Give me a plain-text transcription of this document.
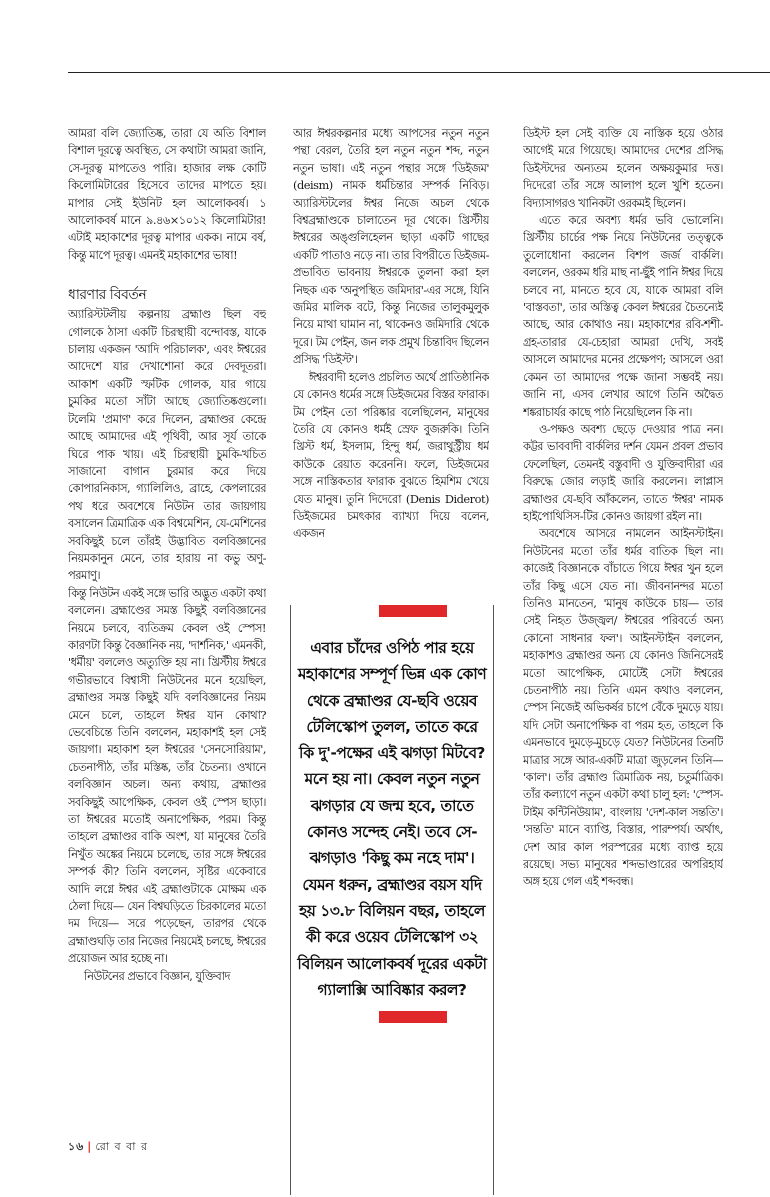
আমরা বলি জ্যোতিষ্ক, তারা যে অতি বিশাল বিশাল দূরত্বে অবস্থিত, সে কথাটা আমরা জানি, সে-দূরত্ব মাপতেও পারি। হাজার লক্ষ কোটি কিলোমিটারের হিসেবে তাদের মাপতে হয়। মাপার সেই ইউনিট হল আলোকবর্ষ। ১ আলোকবর্ষ মানে ৯.৪৬×১০১২ কিলোমিটার! এটাই মহাকাশের দূরত্ব মাপার একক। নামে বর্ষ, কিন্তু মাপে দূরত্ব। এমনই মহাকাশের ভাষা!

ধারণার বিবর্তন

অ্যারিস্টটলীয় কল্পনায় ব্রহ্মাণ্ড ছিল বহু গোলকে ঠাসা একটি চিরস্থায়ী বন্দোবস্ত, যাকে চালায় একজন 'আদি পরিচালক', এবং ঈশ্বরের আদেশে যার দেখাশোনা করে দেবদূতরা। আকাশ একটি স্ফটিক গোলক, যার গায়ে চুমকির মতো সাঁটা আছে জ্যোতিষ্কগুলো। টলেমি 'প্রমাণ' করে দিলেন, ব্রহ্মাণ্ডর কেন্দ্রে আছে আমাদের এই পৃথিবী, আর সূর্য তাকে ঘিরে পাক খায়। এই চিরস্থায়ী চুমকি-খচিত সাজানো বাগান চুরমার করে দিয়ে কোপারনিকাস, গ্যালিলিও, ব্রাহে, কেপলারের পথ ধরে অবশেষে নিউটন তার জায়গায় বসালেন ত্রিমাত্রিক এক বিশ্বমেশিন, যে-মেশিনের সবকিছুই চলে তাঁরই উদ্ভাবিত বলবিজ্ঞানের নিয়মকানুন মেনে, তার হারায় না কভু অণু-পরমাণু।

কিন্তু নিউটন একই সঙ্গে ভারি অদ্ভুত একটা কথা বললেন। ব্রহ্মাণ্ডের সমস্ত কিছুই বলবিজ্ঞানের নিয়মে চলবে, ব্যতিক্রম কেবল ওই স্পেস! কারণটা কিন্তু বৈজ্ঞানিক নয়, 'দার্শনিক,' এমনকী, 'ধর্মীয়' বললেও অত্যুক্তি হয় না। খ্রিস্টীয় ঈশ্বরে গভীরভাবে বিশ্বাসী নিউটনের মনে হয়েছিল, ব্রহ্মাণ্ডর সমস্ত কিছুই যদি বলবিজ্ঞানের নিয়ম মেনে চলে, তাহলে ঈশ্বর যান কোথা? ভেবেচিন্তে তিনি বললেন, মহাকাশই হল সেই জায়গা। মহাকাশ হল ঈশ্বরের 'সেনসোরিয়াম', চেতনাপীঠ, তাঁর মস্তিষ্ক, তাঁর চৈতন্য। ওখানে বলবিজ্ঞান অচল। অন্য কথায়, ব্রহ্মাণ্ডর সবকিছুই আপেক্ষিক, কেবল ওই স্পেস ছাড়া। তা ঈশ্বরের মতোই অনাপেক্ষিক, পরম। কিন্তু তাহলে ব্রহ্মাণ্ডর বাকি অংশ, যা মানুষের তৈরি নিখুঁত অঙ্কের নিয়মে চলেছে, তার সঙ্গে ঈশ্বরের সম্পর্ক কী? তিনি বললেন, সৃষ্টির একেবারে আদি লগ্নে ঈশ্বর এই ব্রহ্মাণ্ডটাকে মোক্ষম এক ঠেলা দিয়ে— যেন বিশ্বঘড়িতে চিরকালের মতো দম দিয়ে— সরে পড়েছেন, তারপর থেকে ব্রহ্মাণ্ডঘড়ি তার নিজের নিয়মেই চলছে, ঈশ্বরের প্রয়োজন আর হচ্ছে না।

নিউটনের প্রভাবে বিজ্ঞান, যুক্তিবাদ

আর ঈশ্বরকল্পনার মধ্যে আপসের নতুন নতুন পন্থা বেরল, তৈরি হল নতুন নতুন শব্দ, নতুন নতুন ভাষা। এই নতুন পন্থার সঙ্গে 'ডিইজম' (deism) নামক ধর্মচিন্তার সম্পর্ক নিবিড়। অ্যারিস্টটলের ঈশ্বর নিজে অচল থেকে বিশ্বব্রহ্মাণ্ডকে চালাতেন দূর থেকে। খ্রিস্টীয় ঈশ্বরের অঙ্গুলিহেলন ছাড়া একটি গাছের একটি পাতাও নড়ে না। তার বিপরীতে ডিইজম-প্রভাবিত ভাবনায় ঈশ্বরকে তুলনা করা হল নিছক এক 'অনুপস্থিত জমিদার'-এর সঙ্গে, যিনি জমির মালিক বটে, কিন্তু নিজের তালুকমুলুক নিয়ে মাথা ঘামান না, থাকেনও জমিদারি থেকে দূরে। টম পেইন, জন লক প্রমুখ চিন্তাবিদ ছিলেন প্রসিদ্ধ 'ডিইস্ট'।

ঈশ্বরবাদী হলেও প্রচলিত অর্থে প্রাতিষ্ঠানিক যে কোনও ধর্মের সঙ্গে ডিইজমের বিস্তর ফারাক। টম পেইন তো পরিষ্কার বলেছিলেন, মানুষের তৈরি যে কোনও ধর্মই স্রেফ বুজরুকি। তিনি খ্রিস্ট ধর্ম, ইসলাম, হিন্দু ধর্ম, জরাথুস্ট্রীয় ধর্ম কাউকে রেয়াত করেননি। ফলে, ডিইজমের সঙ্গে নাস্তিকতার ফারাক বুঝতে হিমশিম খেয়ে যেত মানুষ। তুনি দিদেরো (Denis Diderot) ডিইজমের চমৎকার ব্যাখ্যা দিয়ে বলেন, একজন

এবার চাঁদের ওপিঠ পার হয়ে মহাকাশের সম্পূর্ণ ভিন্ন এক কোণ থেকে ব্রহ্মাণ্ডর যে-ছবি ওয়েব টেলিস্কোপ তুলল, তাতে করে কি দু'-পক্ষের এই ঝগড়া মিটবে? মনে হয় না। কেবল নতুন নতুন ঝগড়ার যে জন্ম হবে, তাতে কোনও সন্দেহ নেই। তবে সে-ঝগড়াও 'কিছু কম নহে দাম'। যেমন ধরুন, ব্রহ্মাণ্ডর বয়স যদি হয় ১৩.৮ বিলিয়ন বছর, তাহলে কী করে ওয়েব টেলিস্কোপ ৩২ বিলিয়ন আলোকবর্ষ দূরের একটা গ্যালাক্সি আবিষ্কার করল?

ডিইস্ট হল সেই ব্যক্তি যে নাস্তিক হয়ে ওঠার আগেই মরে গিয়েছে। আমাদের দেশের প্রসিদ্ধ ডিইস্টদের অন্যতম হলেন অক্ষয়কুমার দত্ত। দিদেরো তাঁর সঙ্গে আলাপ হলে খুশি হতেন। বিদ্যাসাগরও খানিকটা ওরকমই ছিলেন।

এতে করে অবশ্য ধর্মর ভবি ভোলেনি। খ্রিস্টীয় চার্চের পক্ষ নিয়ে নিউটনের তত্ত্বকে তুলোধোনা করলেন বিশপ জর্জ বার্কলি। বললেন, ওরকম ধরি মাছ না-ছুঁই পানি ঈশ্বর দিয়ে চলবে না, মানতে হবে যে, যাকে আমরা বলি 'বাস্তবতা', তার অস্তিত্ব কেবল ঈশ্বরের চৈতন্যেই আছে, আর কোথাও নয়। মহাকাশের রবি-শশী-গ্রহ-তারার যে-চেহারা আমরা দেখি, সবই আসলে আমাদের মনের প্রক্ষেপণ; আসলে ওরা কেমন তা আমাদের পক্ষে জানা সম্ভবই নয়। জানি না, এসব লেখার আগে তিনি অদ্বৈত শঙ্করাচার্যর কাছে পাঠ নিয়েছিলেন কি না।

ও-পক্ষও অবশ্য ছেড়ে দেওয়ার পাত্র নন। কট্টর ভাববাদী বার্কলির দর্শন যেমন প্রবল প্রভাব ফেলেছিল, তেমনই বস্তুবাদী ও যুক্তিবাদীরা এর বিরুদ্ধে জোর লড়াই জারি করলেন। লাপ্লাস ব্রহ্মাণ্ডর যে-ছবি আঁকলেন, তাতে 'ঈশ্বর' নামক হাইপোথিসিস-টির কোনও জায়গা রইল না।

অবশেষে আসরে নামলেন আইনস্টাইন। নিউটনের মতো তাঁর ধর্মর বাতিক ছিল না। কাজেই বিজ্ঞানকে বাঁচাতে গিয়ে ঈশ্বর খুন হলে তাঁর কিছু এসে যেত না। জীবনানন্দর মতো তিনিও মানতেন, 'মানুষ কাউকে চায়— তার সেই নিহত উজ্জ্বল/ ঈশ্বরের পরিবর্তে অন্য কোনো সাধনার ফল'। আইনস্টাইন বললেন, মহাকাশও ব্রহ্মাণ্ডর অন্য যে কোনও জিনিসেরই মতো আপেক্ষিক, মোটেই সেটা ঈশ্বরের চেতনাপীঠ নয়। তিনি এমন কথাও বললেন, স্পেস নিজেই অভিকর্ষর চাপে বেঁকে দুমড়ে যায়। যদি সেটা অনাপেক্ষিক বা পরম হত, তাহলে কি এমনভাবে দুমড়ে-মুচড়ে যেত? নিউটনের তিনটি মাত্রার সঙ্গে আর-একটি মাত্রা জুড়লেন তিনি— 'কাল'। তাঁর ব্রহ্মাণ্ড ত্রিমাত্রিক নয়, চতুর্মাত্রিক। তাঁর কল্যাণে নতুন একটা কথা চালু হল: 'স্পেস-টাইম কন্টিনিউয়াম', বাংলায় 'দেশ-কাল সন্ততি'। 'সন্ততি' মানে ব্যাপ্তি, বিস্তার, পারম্পর্য। অর্থাৎ, দেশ আর কাল পরস্পরের মধ্যে ব্যাপ্ত হয়ে রয়েছে। সভ্য মানুষের শব্দভাণ্ডারের অপরিহার্য অঙ্গ হয়ে গেল এই শব্দবন্ধ।

১৬ | রো ব বা র
